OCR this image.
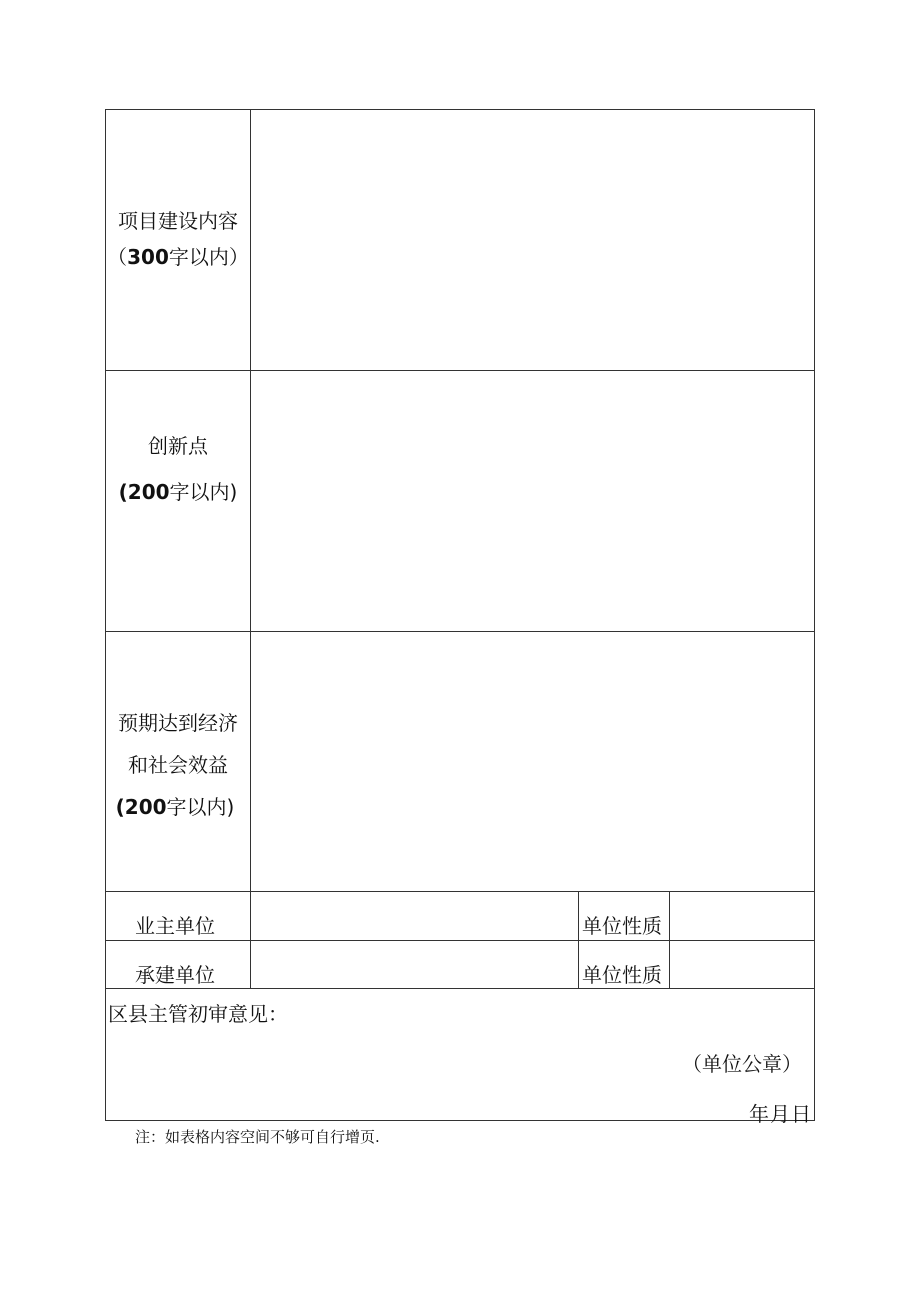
项目建设内容
（300字以内）
创新点
(200字以内)
预期达到经济
和社会效益
(200字以内)
业主单位	单位性质
承建单位	单位性质
区县主管初审意见：
（单位公章）
年月日
注：如表格内容空间不够可自行增页.
